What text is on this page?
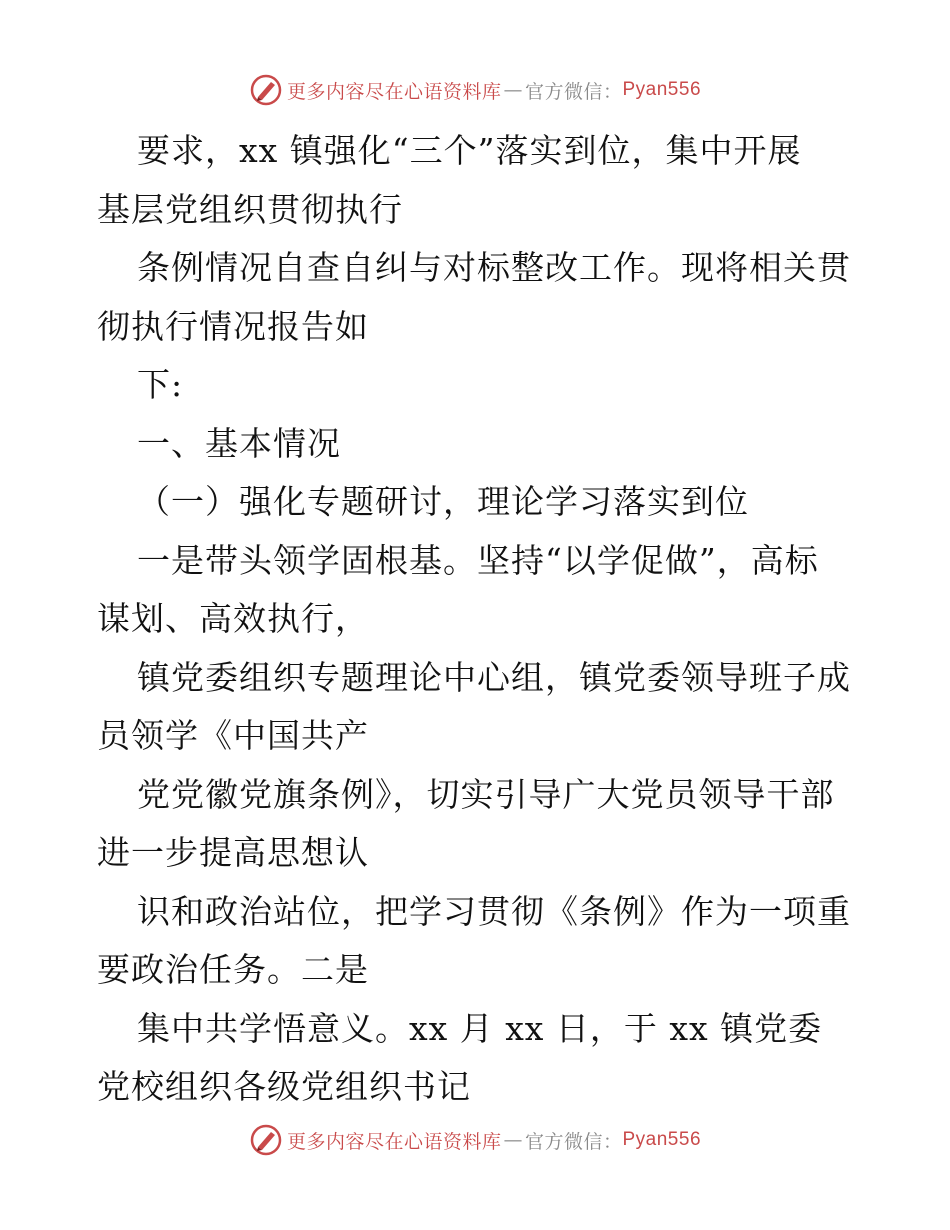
更多内容尽在心语资料库 — 官方微信： Pyan556
要求，xx 镇强化“三个”落实到位，集中开展
基层党组织贯彻执行
条例情况自查自纠与对标整改工作。现将相关贯
彻执行情况报告如
下:
一、基本情况
（一）强化专题研讨，理论学习落实到位
一是带头领学固根基。坚持“以学促做”，高标
谋划、高效执行，
镇党委组织专题理论中心组，镇党委领导班子成
员领学《中国共产
党党徽党旗条例》，切实引导广大党员领导干部
进一步提高思想认
识和政治站位，把学习贯彻《条例》作为一项重
要政治任务。二是
集中共学悟意义。xx 月 xx 日，于 xx 镇党委
党校组织各级党组织书记
更多内容尽在心语资料库 — 官方微信： Pyan556
